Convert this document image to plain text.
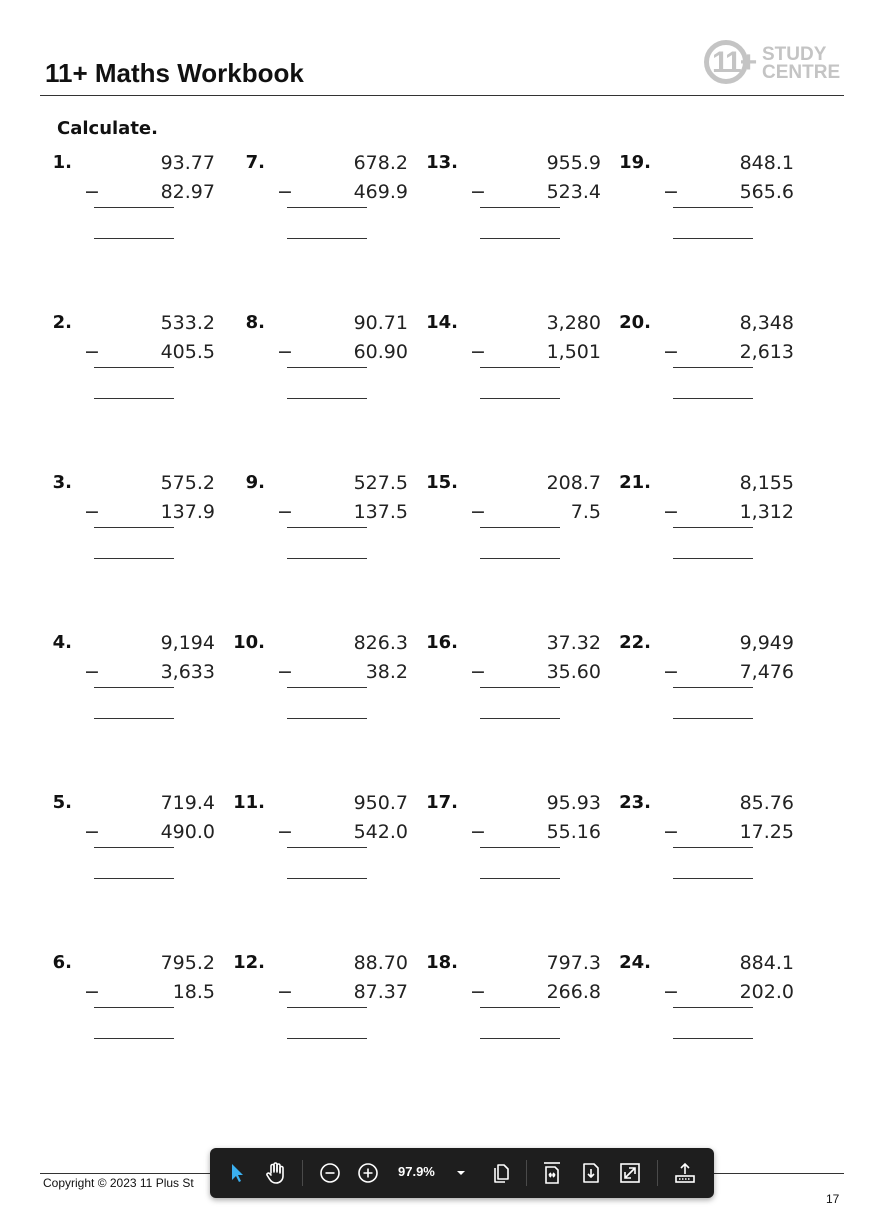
11+ Maths Workbook	11+ STUDY
CENTRE
Calculate.
1.	93.77
−	82.97
2.	533.2
−	405.5
3.	575.2
−	137.9
4.	9,194
−	3,633
5.	719.4
−	490.0
6.	795.2
−	18.5
7.	678.2
−	469.9
8.	90.71
−	60.90
9.	527.5
−	137.5
10.	826.3
−	38.2
11.	950.7
−	542.0
12.	88.70
−	87.37
13.	955.9
−	523.4
14.	3,280
−	1,501
15.	208.7
−	7.5
16.	37.32
−	35.60
17.	95.93
−	55.16
18.	797.3
−	266.8
19.	848.1
−	565.6
20.	8,348
−	2,613
21.	8,155
−	1,312
22.	9,949
−	7,476
23.	85.76
−	17.25
24.	884.1
−	202.0
Copyright © 2023 11 Plus St
17
97.9%
